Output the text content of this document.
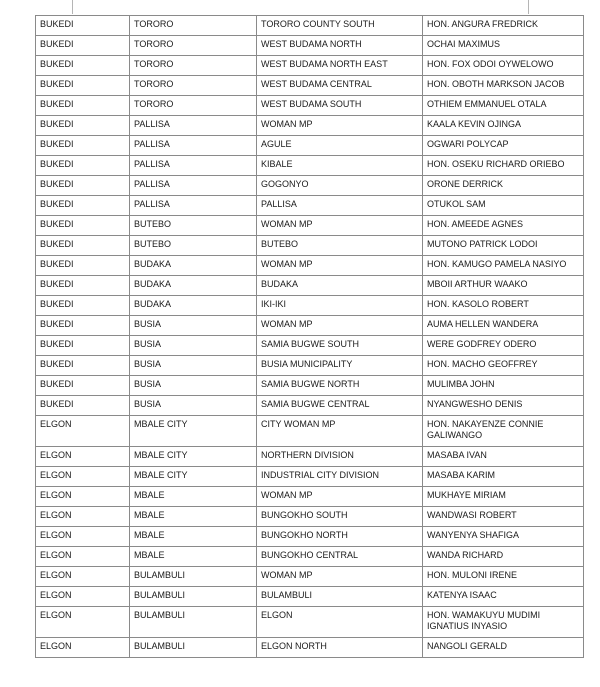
BUKEDI	TORORO	TORORO COUNTY SOUTH	HON. ANGURA FREDRICK
BUKEDI	TORORO	WEST BUDAMA NORTH	OCHAI MAXIMUS
BUKEDI	TORORO	WEST BUDAMA NORTH EAST	HON. FOX ODOI OYWELOWO
BUKEDI	TORORO	WEST BUDAMA CENTRAL	HON. OBOTH MARKSON JACOB
BUKEDI	TORORO	WEST BUDAMA SOUTH	OTHIEM EMMANUEL OTALA
BUKEDI	PALLISA	WOMAN MP	KAALA KEVIN OJINGA
BUKEDI	PALLISA	AGULE	OGWARI POLYCAP
BUKEDI	PALLISA	KIBALE	HON. OSEKU RICHARD ORIEBO
BUKEDI	PALLISA	GOGONYO	ORONE DERRICK
BUKEDI	PALLISA	PALLISA	OTUKOL SAM
BUKEDI	BUTEBO	WOMAN MP	HON. AMEEDE AGNES
BUKEDI	BUTEBO	BUTEBO	MUTONO PATRICK LODOI
BUKEDI	BUDAKA	WOMAN MP	HON. KAMUGO PAMELA NASIYO
BUKEDI	BUDAKA	BUDAKA	MBOII ARTHUR WAAKO
BUKEDI	BUDAKA	IKI-IKI	HON. KASOLO ROBERT
BUKEDI	BUSIA	WOMAN MP	AUMA HELLEN WANDERA
BUKEDI	BUSIA	SAMIA BUGWE SOUTH	WERE GODFREY ODERO
BUKEDI	BUSIA	BUSIA MUNICIPALITY	HON. MACHO GEOFFREY
BUKEDI	BUSIA	SAMIA BUGWE NORTH	MULIMBA JOHN
BUKEDI	BUSIA	SAMIA BUGWE CENTRAL	NYANGWESHO DENIS
ELGON	MBALE CITY	CITY WOMAN MP	HON. NAKAYENZE CONNIE GALIWANGO
ELGON	MBALE CITY	NORTHERN DIVISION	MASABA IVAN
ELGON	MBALE CITY	INDUSTRIAL CITY DIVISION	MASABA KARIM
ELGON	MBALE	WOMAN MP	MUKHAYE MIRIAM
ELGON	MBALE	BUNGOKHO SOUTH	WANDWASI ROBERT
ELGON	MBALE	BUNGOKHO NORTH	WANYENYA SHAFIGA
ELGON	MBALE	BUNGOKHO CENTRAL	WANDA RICHARD
ELGON	BULAMBULI	WOMAN MP	HON. MULONI IRENE
ELGON	BULAMBULI	BULAMBULI	KATENYA ISAAC
ELGON	BULAMBULI	ELGON	HON. WAMAKUYU MUDIMI IGNATIUS INYASIO
ELGON	BULAMBULI	ELGON NORTH	NANGOLI GERALD
